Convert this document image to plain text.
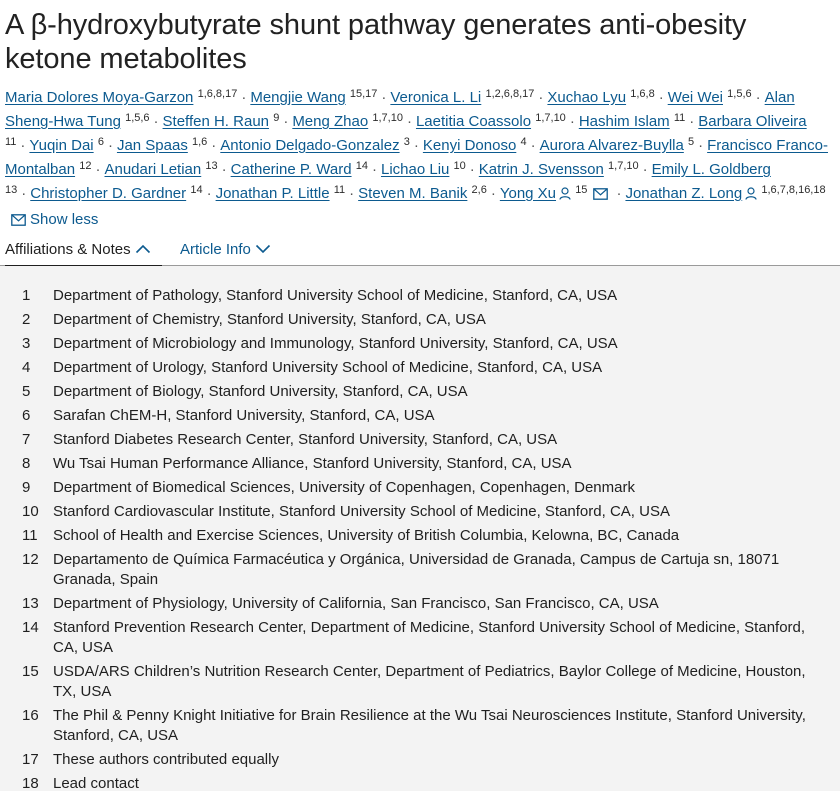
A β-hydroxybutyrate shunt pathway generates anti-obesity ketone metabolites
Maria Dolores Moya-Garzon $^{1,6,8,17}$ · Mengjie Wang $^{15,17}$ · Veronica L. Li $^{1,2,6,8,17}$ · Xuchao Lyu $^{1,6,8}$ · Wei Wei $^{1,5,6}$ · Alan Sheng-Hwa Tung $^{1,5,6}$ · Steffen H. Raun $^9$ · Meng Zhao $^{1,7,10}$ · Laetitia Coassolo $^{1,7,10}$ · Hashim Islam $^{11}$ · Barbara Oliveira $^{11}$ · Yuqin Dai $^6$ · Jan Spaas $^{1,6}$ · Antonio Delgado-Gonzalez $^3$ · Kenyi Donoso $^4$ · Aurora Alvarez-Buylla $^5$ · Francisco Franco-Montalban $^{12}$ · Anudari Letian $^{13}$ · Catherine P. Ward $^{14}$ · Lichao Liu $^{10}$ · Katrin J. Svensson $^{1,7,10}$ · Emily L. Goldberg $^{13}$ · Christopher D. Gardner $^{14}$ · Jonathan P. Little $^{11}$ · Steven M. Banik $^{2,6}$ · Yong Xu $^{15}$ · Jonathan Z. Long $^{1,6,7,8,16,18}$Show less
Affiliations & Notes	Article Info
1	Department of Pathology, Stanford University School of Medicine, Stanford, CA, USA
2	Department of Chemistry, Stanford University, Stanford, CA, USA
3	Department of Microbiology and Immunology, Stanford University, Stanford, CA, USA
4	Department of Urology, Stanford University School of Medicine, Stanford, CA, USA
5	Department of Biology, Stanford University, Stanford, CA, USA
6	Sarafan ChEM-H, Stanford University, Stanford, CA, USA
7	Stanford Diabetes Research Center, Stanford University, Stanford, CA, USA
8	Wu Tsai Human Performance Alliance, Stanford University, Stanford, CA, USA
9	Department of Biomedical Sciences, University of Copenhagen, Copenhagen, Denmark
10 Stanford Cardiovascular Institute, Stanford University School of Medicine, Stanford, CA, USA
11	School of Health and Exercise Sciences, University of British Columbia, Kelowna, BC, Canada
12 Departamento de Química Farmacéutica y Orgánica, Universidad de Granada, Campus de Cartuja sn, 18071 Granada, Spain
13 Department of Physiology, University of California, San Francisco, San Francisco, CA, USA
14 Stanford Prevention Research Center, Department of Medicine, Stanford University School of Medicine, Stanford, CA, USA
15 USDA/ARS Children’s Nutrition Research Center, Department of Pediatrics, Baylor College of Medicine, Houston, TX, USA
16 The Phil & Penny Knight Initiative for Brain Resilience at the Wu Tsai Neurosciences Institute, Stanford University, Stanford, CA, USA
17 These authors contributed equally
18 Lead contact
